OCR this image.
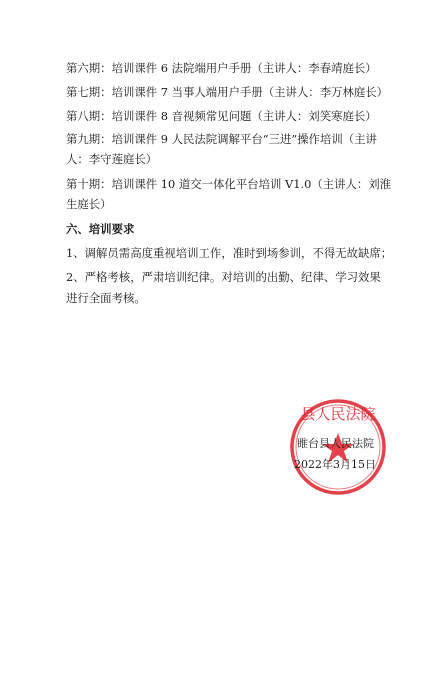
第六期：培训课件 6 法院端用户手册（主讲人：李春靖庭长）
第七期：培训课件 7 当事人端用户手册（主讲人：李万林庭长）
第八期：培训课件 8 音视频常见问题（主讲人：刘笑寒庭长）
第九期：培训课件 9 人民法院调解平台“三进”操作培训（主讲
人：李守莲庭长）
第十期：培训课件 10 道交一体化平台培训 V1.0（主讲人：刘淮
生庭长）
六、培训要求
1、调解员需高度重视培训工作，准时到场参训，不得无故缺席；
2、严格考核，严肃培训纪律。对培训的出勤、纪律、学习效果
进行全面考核。
县人民法院
睢台县人民法院
2022年3月15日
